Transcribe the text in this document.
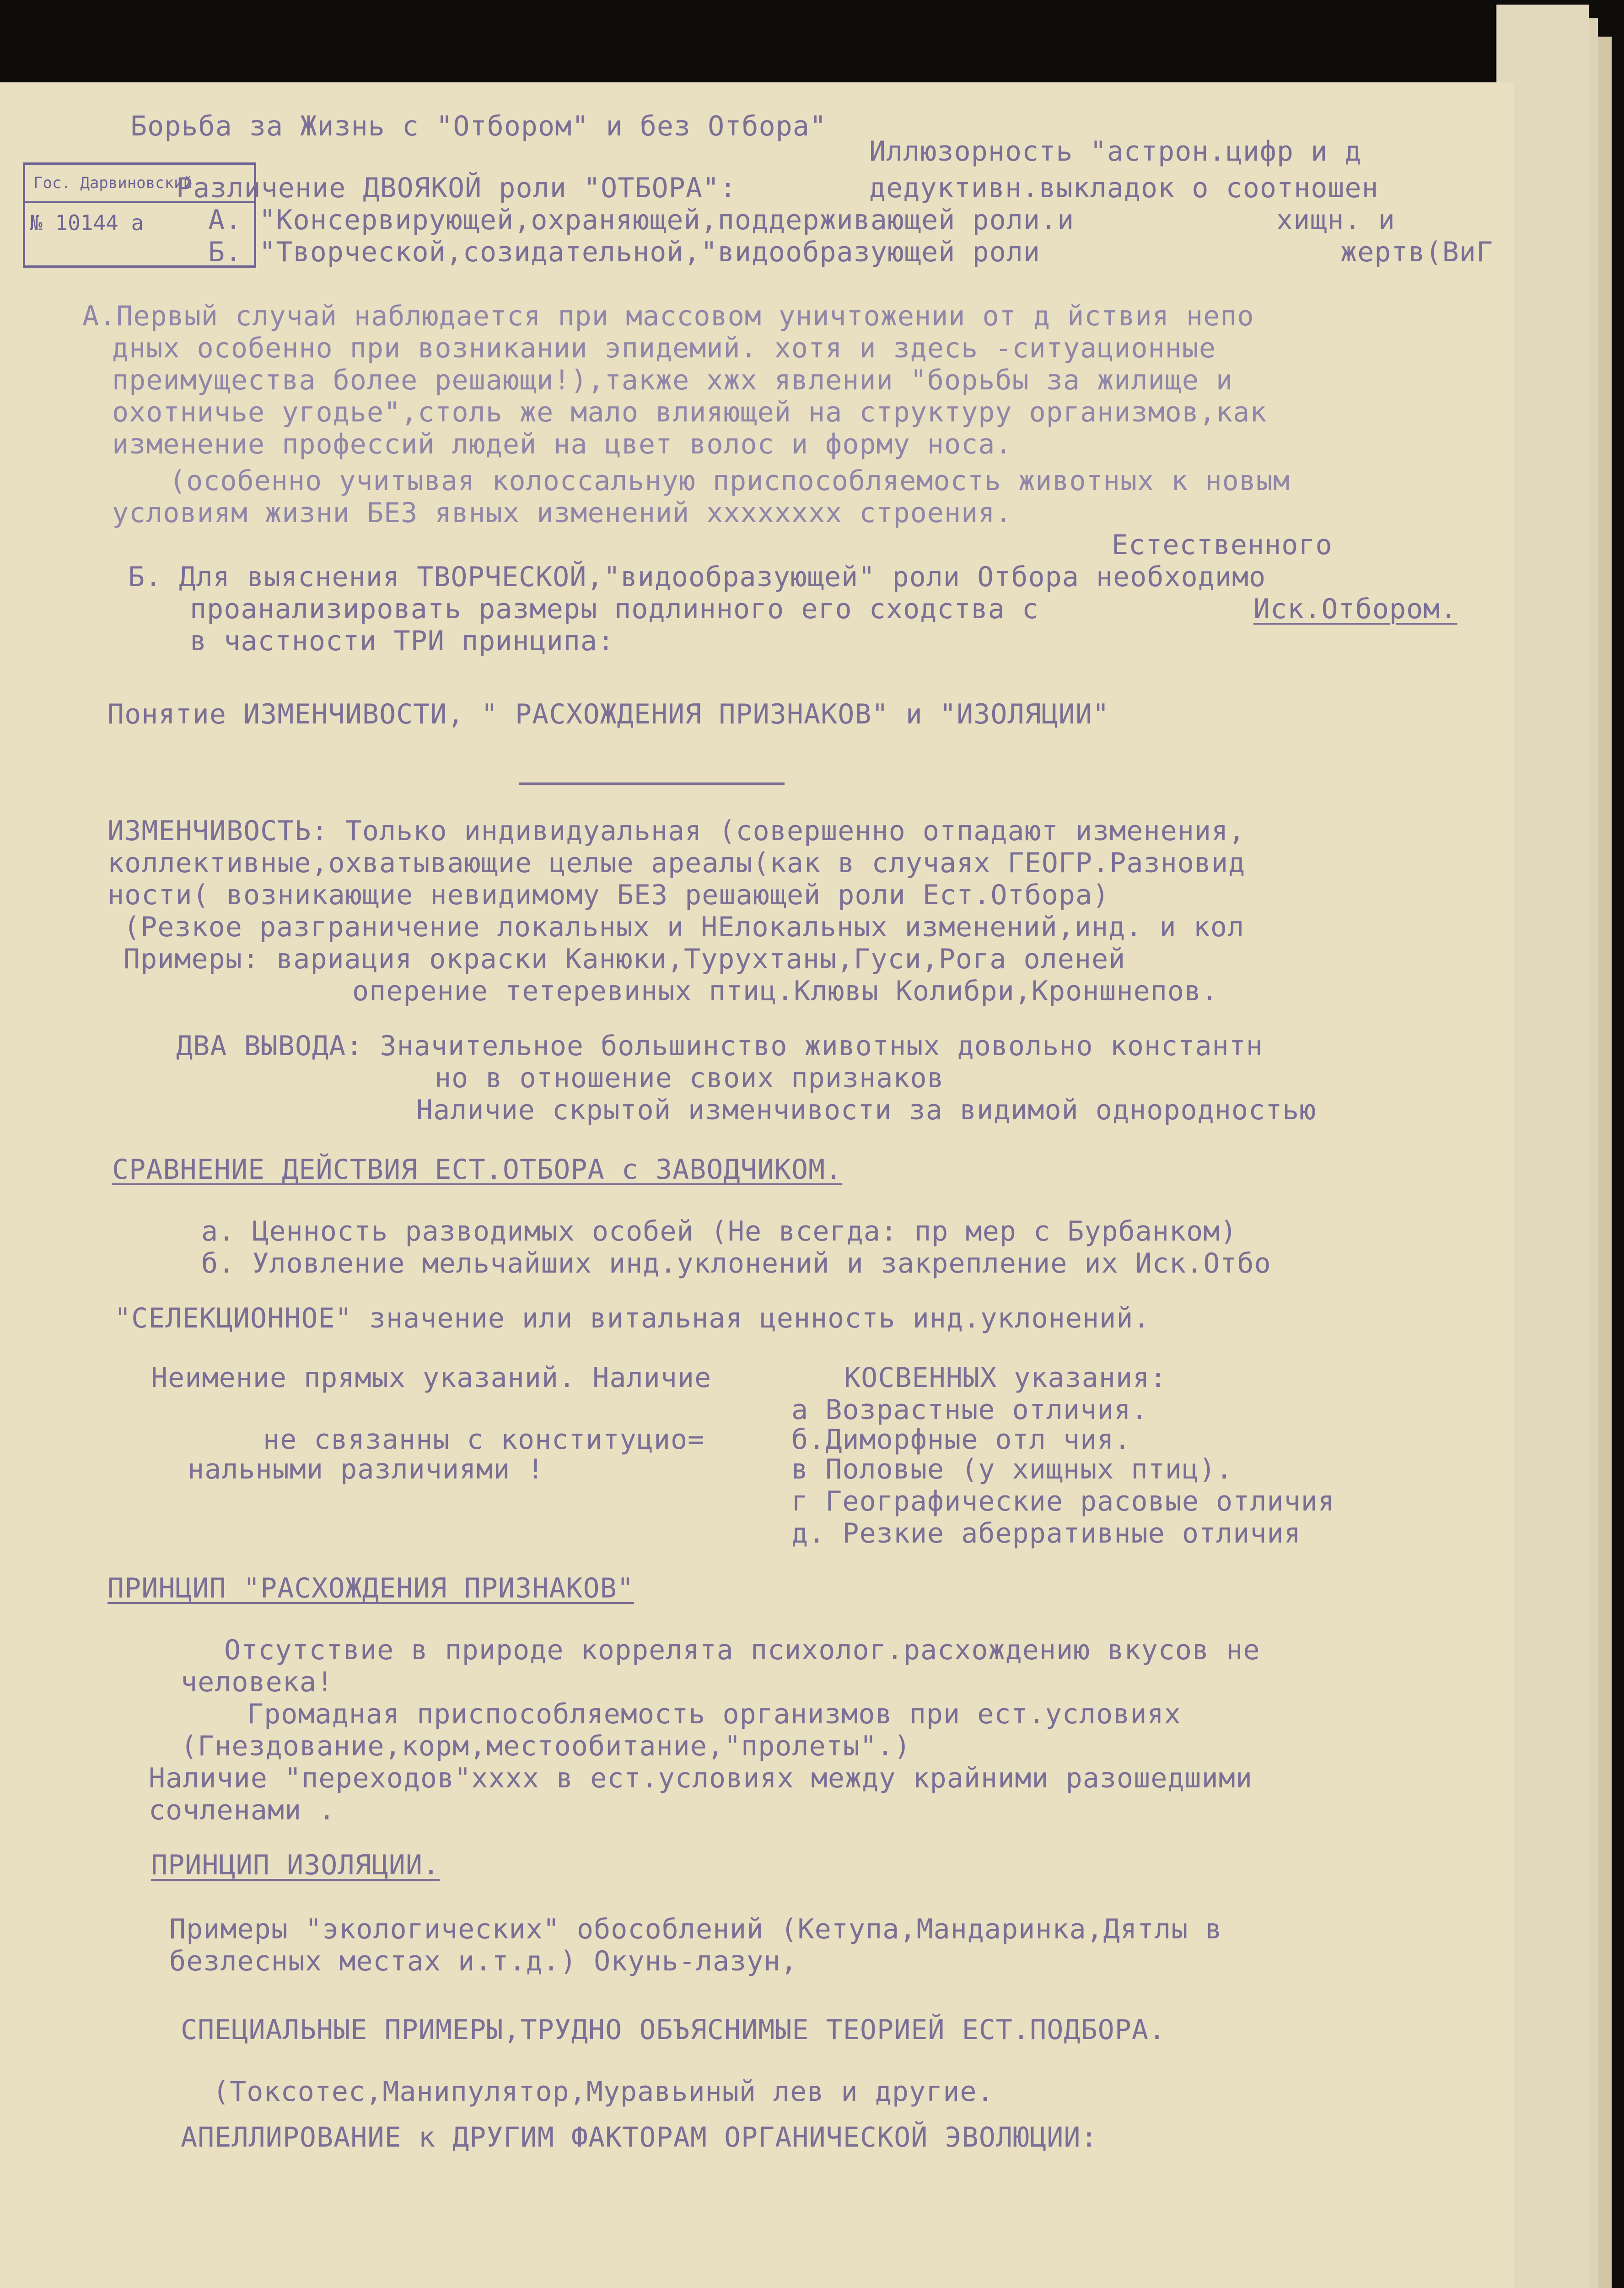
Гос. Дарвиновский
№ 10144 а
Борьба за Жизнь с "Отбором" и без Отбора"
Иллюзорность "астрон.цифр и д
Различение ДВОЯКОЙ роли "ОТБОРА":	дедуктивн.выкладок о соотношен
А. "Консервирующей,охраняющей,поддерживающей роли.и	хищн. и
Б. "Творческой,созидательной,"видообразующей роли	жертв(ВиГ
А.Первый случай наблюдается при массовом уничтожении от д йствия непо
дных особенно при возникании эпидемий. хотя и здесь -ситуационные
преимущества более решающи!),также хжх явлении "борьбы за жилище и
охотничье угодье",столь же мало влияющей на структуру организмов,как
изменение профессий людей на цвет волос и форму носа.
(особенно учитывая колоссальную приспособляемость животных к новым
условиям жизни БЕЗ явных изменений хххххххх строения.
Естественного
Б. Для выяснения ТВОРЧЕСКОЙ,"видообразующей" роли Отбора необходимо
проанализировать размеры подлинного его сходства с	Иск.Отбором.
в частности ТРИ принципа:
Понятие ИЗМЕНЧИВОСТИ, " РАСХОЖДЕНИЯ ПРИЗНАКОВ" и "ИЗОЛЯЦИИ"
ИЗМЕНЧИВОСТЬ: Только индивидуальная (совершенно отпадают изменения,
коллективные,охватывающие целые ареалы(как в случаях ГЕОГР.Разновид
ности( возникающие невидимому БЕЗ решающей роли Ест.Отбора)
(Резкое разграничение локальных и НЕлокальных изменений,инд. и кол
Примеры: вариация окраски Канюки,Турухтаны,Гуси,Рога оленей
оперение тетеревиных птиц.Клювы Колибри,Кроншнепов.
ДВА ВЫВОДА: Значительное большинство животных довольно константн
но в отношение своих признаков
Наличие скрытой изменчивости за видимой однородностью
СРАВНЕНИЕ ДЕЙСТВИЯ ЕСТ.ОТБОРА с ЗАВОДЧИКОМ.
а. Ценность разводимых особей (Не всегда: пр мер с Бурбанком)
б. Уловление мельчайших инд.уклонений и закрепление их Иск.Отбо
"СЕЛЕКЦИОННОЕ" значение или витальная ценность инд.уклонений.
Неимение прямых указаний. Наличие	КОСВЕННЫХ указания:
а Возрастные отличия.
не связанны с конституцио=	б.Диморфные отл чия.
нальными различиями !	в Половые (у хищных птиц).
г Географические расовые отличия
д. Резкие аберративные отличия
ПРИНЦИП "РАСХОЖДЕНИЯ ПРИЗНАКОВ"
Отсутствие в природе коррелята психолог.расхождению вкусов не
человека!
Громадная приспособляемость организмов при ест.условиях
(Гнездование,корм,местообитание,"пролеты".)
Наличие "переходов"хххх в ест.условиях между крайними разошедшими
сочленами .
ПРИНЦИП ИЗОЛЯЦИИ.
Примеры "экологических" обособлений (Кетупа,Мандаринка,Дятлы в
безлесных местах и.т.д.) Окунь-лазун,
СПЕЦИАЛЬНЫЕ ПРИМЕРЫ,ТРУДНО ОБЪЯСНИМЫЕ ТЕОРИЕЙ ЕСТ.ПОДБОРА.
(Токсотес,Манипулятор,Муравьиный лев и другие.
АПЕЛЛИРОВАНИЕ к ДРУГИМ ФАКТОРАМ ОРГАНИЧЕСКОЙ ЭВОЛЮЦИИ:
